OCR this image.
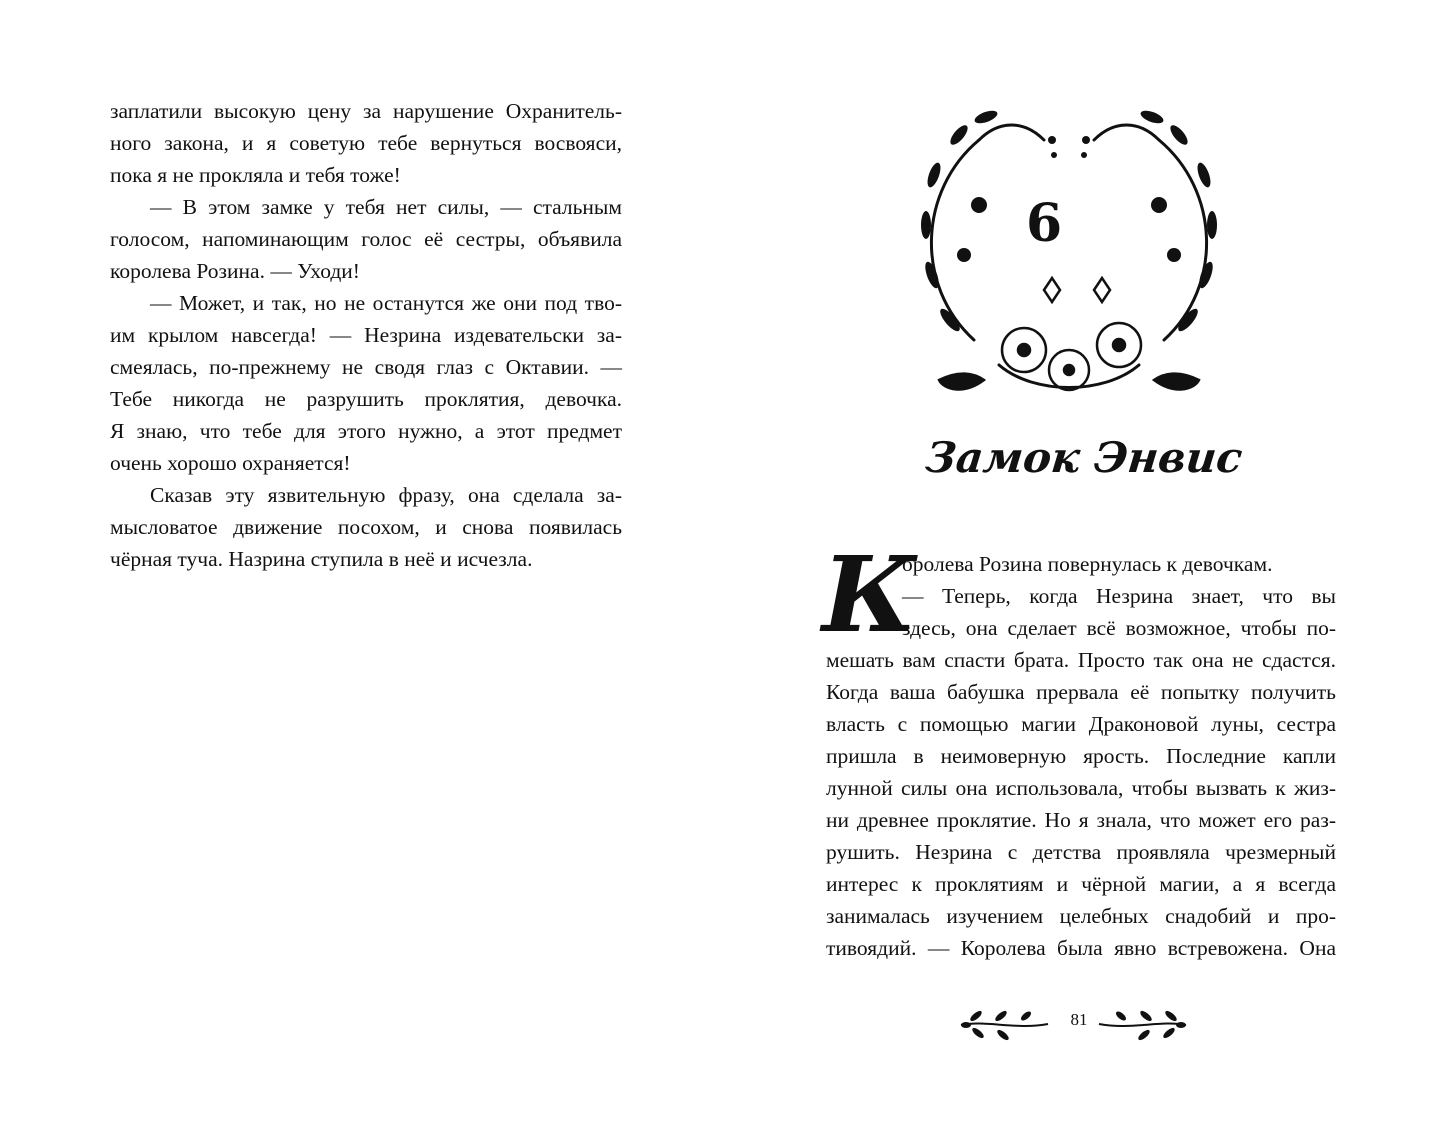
заплатили высокую цену за нарушение Охранитель-
ного закона, и я советую тебе вернуться восвояси,
пока я не прокляла и тебя тоже!
— В этом замке у тебя нет силы, — стальным
голосом, напоминающим голос её сестры, объявила
королева Розина. — Уходи!
— Может, и так, но не останутся же они под тво-
им крылом навсегда! — Незрина издевательски за-
смеялась, по-прежнему не сводя глаз с Октавии. —
Тебе никогда не разрушить проклятия, девочка.
Я знаю, что тебе для этого нужно, а этот предмет
очень хорошо охраняется!
Сказав эту язвительную фразу, она сделала за-
мысловатое движение посохом, и снова появилась
чёрная туча. Назрина ступила в неё и исчезла.
6
Замок Энвис
К
оролева Розина повернулась к девочкам.
— Теперь, когда Незрина знает, что вы
здесь, она сделает всё возможное, чтобы по-
мешать вам спасти брата. Просто так она не сдастся.
Когда ваша бабушка прервала её попытку получить
власть с помощью магии Драконовой луны, сестра
пришла в неимоверную ярость. Последние капли
лунной силы она использовала, чтобы вызвать к жиз-
ни древнее проклятие. Но я знала, что может его раз-
рушить. Незрина с детства проявляла чрезмерный
интерес к проклятиям и чёрной магии, а я всегда
занималась изучением целебных снадобий и про-
тивоядий. — Королева была явно встревожена. Она
81
